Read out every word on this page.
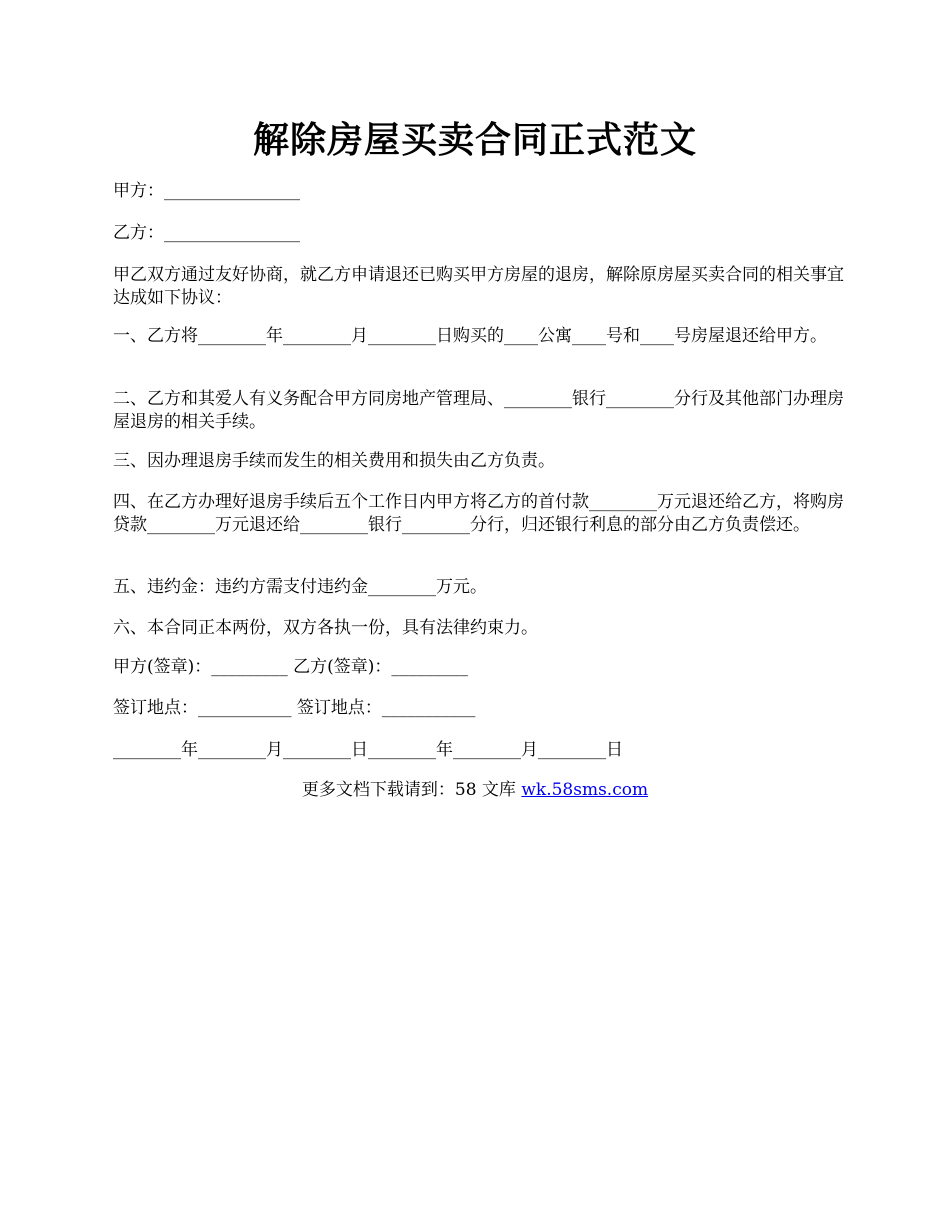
解除房屋买卖合同正式范文

甲方：________________

乙方：________________

甲乙双方通过友好协商，就乙方申请退还已购买甲方房屋的退房，解除原房屋买卖合同的相关事宜达成如下协议：

一、乙方将________年________月________日购买的____公寓____号和____号房屋退还给甲方。

二、乙方和其爱人有义务配合甲方同房地产管理局、________银行________分行及其他部门办理房屋退房的相关手续。

三、因办理退房手续而发生的相关费用和损失由乙方负责。

四、在乙方办理好退房手续后五个工作日内甲方将乙方的首付款________万元退还给乙方，将购房贷款________万元退还给________银行________分行，归还银行利息的部分由乙方负责偿还。

五、违约金：违约方需支付违约金________万元。

六、本合同正本两份，双方各执一份，具有法律约束力。

甲方(签章)：_________ 乙方(签章)：_________

签订地点：___________ 签订地点：___________

________年________月________日________年________月________日

更多文档下载请到：58 文库 wk.58sms.com
